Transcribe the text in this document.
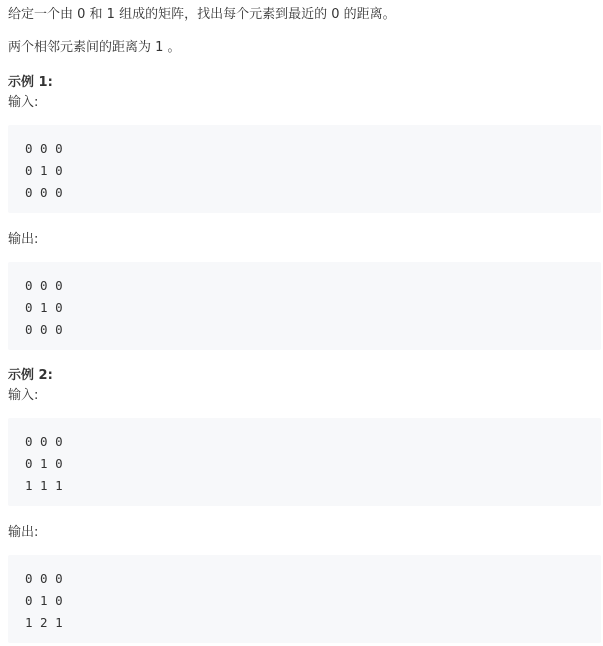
给定一个由 0 和 1 组成的矩阵，找出每个元素到最近的 0 的距离。

两个相邻元素间的距离为 1 。

示例 1:

输入:

0 0 0
0 1 0
0 0 0

输出:

0 0 0
0 1 0
0 0 0

示例 2:

输入:

0 0 0
0 1 0
1 1 1

输出:

0 0 0
0 1 0
1 2 1
